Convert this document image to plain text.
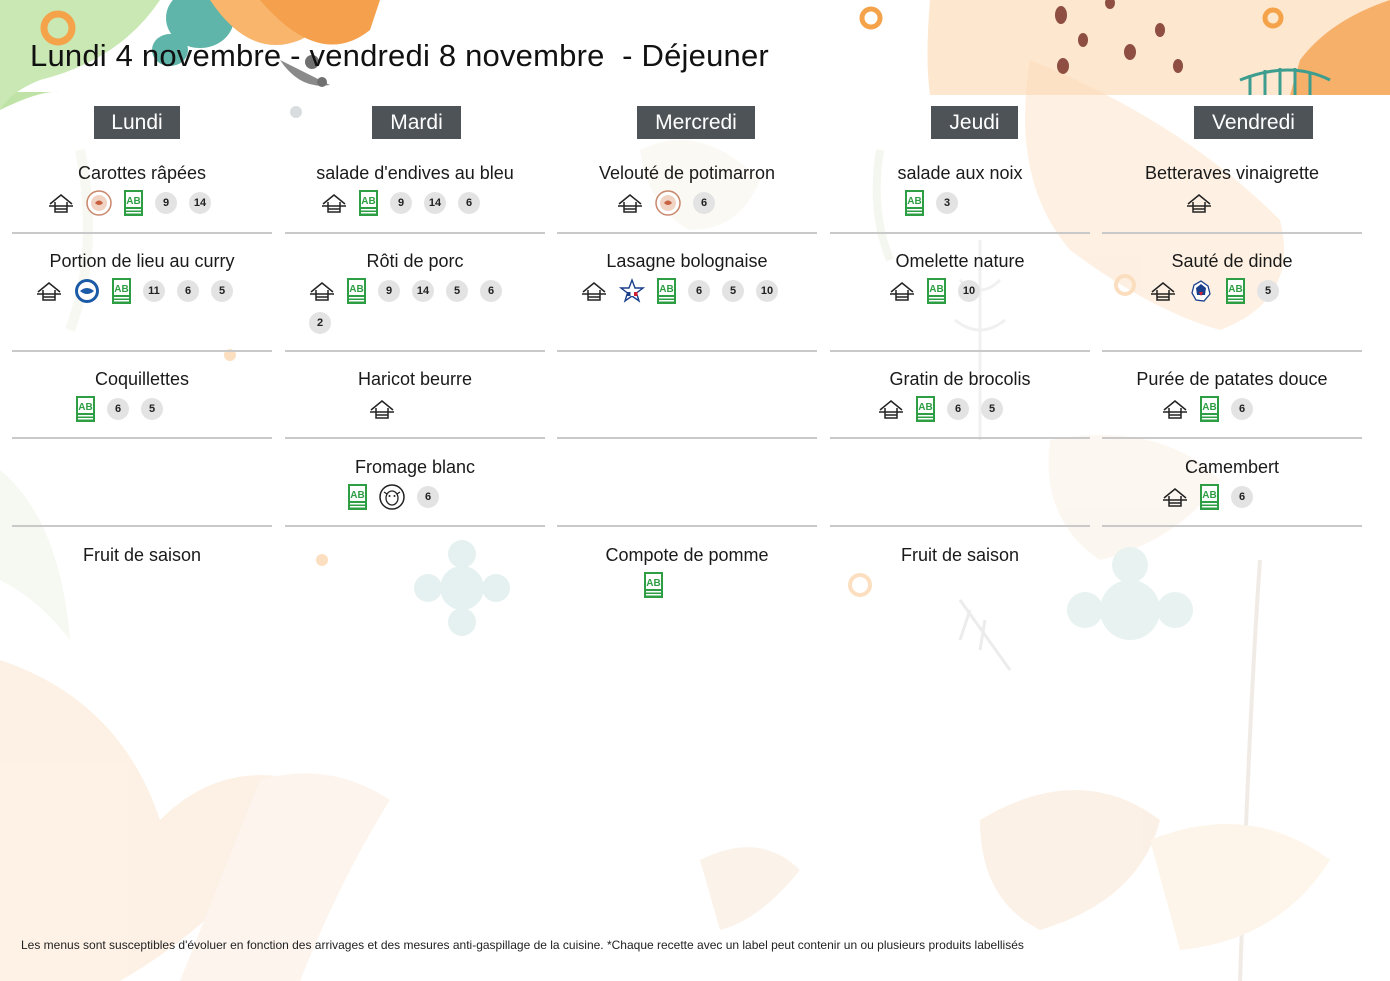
Lundi 4 novembre - vendredi 8 novembre  - Déjeuner
Lundi	Mardi	Mercredi	Jeudi	Vendredi
Carottes râpées
AB	9	14
Portion de lieu au curry
AB	11	6	5
Coquillettes
AB	6	5
Fruit de saison
salade d'endives au bleu
AB	9	14	6
Rôti de porc
AB	9	14	5	6
2
Haricot beurre
Fromage blanc
AB	6
Velouté de potimarron
6
Lasagne bolognaise
AB	6	5	10
Compote de pomme
AB
salade aux noix
AB	3
Omelette nature
AB	10
Gratin de brocolis
AB	6	5
Fruit de saison
Betteraves vinaigrette
Sauté de dinde
AB	5
Purée de patates douce
AB	6
Camembert
AB	6
Les menus sont susceptibles d'évoluer en fonction des arrivages et des mesures anti-gaspillage de la cuisine. *Chaque recette avec un label peut contenir un ou plusieurs produits labellisés
